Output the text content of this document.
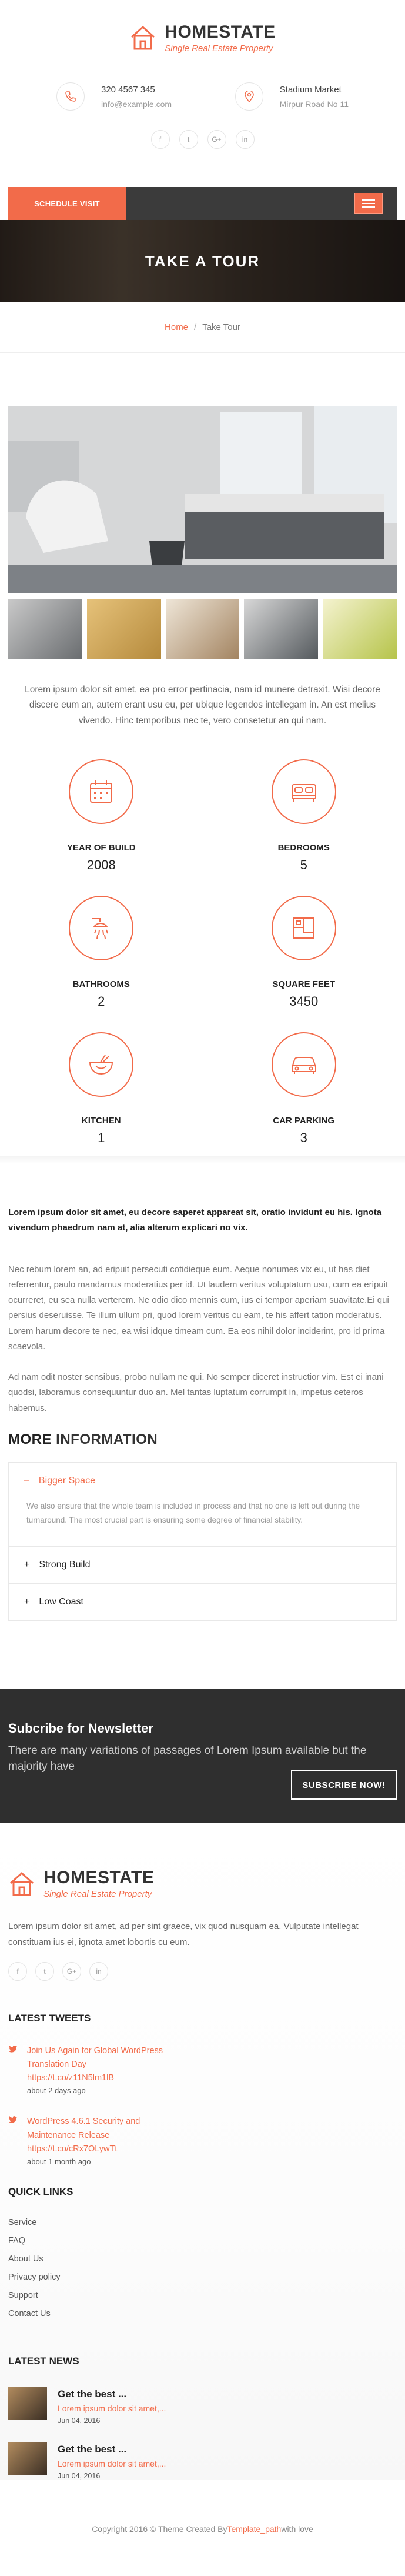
HOMESTATE
Single Real Estate Property
320 4567 345
info@example.com
Stadium Market
Mirpur Road No 11
f	t	G+	in
SCHEDULE VISIT
TAKE A TOUR
Home / Take Tour

Lorem ipsum dolor sit amet, ea pro error pertinacia, nam id munere detraxit. Wisi decore discere eum an, autem erant usu eu, per ubique legendos intellegam in. An est melius vivendo. Hinc temporibus nec te, vero consetetur an qui nam.

YEAR OF BUILD
2008
BEDROOMS
5
BATHROOMS
2
SQUARE FEET
3450
KITCHEN
1
CAR PARKING
3

Lorem ipsum dolor sit amet, eu decore saperet appareat sit, oratio invidunt eu his. Ignota vivendum phaedrum nam at, alia alterum explicari no vix.

Nec rebum lorem an, ad eripuit persecuti cotidieque eum. Aeque nonumes vix eu, ut has diet referrentur, paulo mandamus moderatius per id. Ut laudem veritus voluptatum usu, cum ea eripuit ocurreret, eu sea nulla verterem. Ne odio dico mennis cum, ius ei tempor aperiam suavitate.Ei qui persius deseruisse. Te illum ullum pri, quod lorem veritus cu eam, te his affert tation moderatius. Lorem harum decore te nec, ea wisi idque timeam cum. Ea eos nihil dolor inciderint, pro id prima scaevola.

Ad nam odit noster sensibus, probo nullam ne qui. No semper diceret instructior vim. Est ei inani quodsi, laboramus consequuntur duo an. Mel tantas luptatum corrumpit in, impetus ceteros habemus.

MORE INFORMATION
– Bigger Space
We also ensure that the whole team is included in process and that no one is left out during the turnaround. The most crucial part is ensuring some degree of financial stability.
+ Strong Build
+ Low Coast
Subcribe for Newsletter

There are many variations of passages of Lorem Ipsum available but the majority have

SUBSCRIBE NOW!
HOMESTATE
Single Real Estate Property

Lorem ipsum dolor sit amet, ad per sint graece, vix quod nusquam ea. Vulputate intellegat constituam ius ei, ignota amet lobortis cu eum.

f	t	G+	in
LATEST TWEETS
Join Us Again for Global WordPress Translation Day https://t.co/z11N5lm1lB
about 2 days ago
WordPress 4.6.1 Security and Maintenance Release https://t.co/cRx7OLywTt
about 1 month ago
QUICK LINKS
Service
FAQ
About Us
Privacy policy
Support
Contact Us
LATEST NEWS
Get the best ...
Lorem ipsum dolor sit amet,...
Jun 04, 2016
Get the best ...
Lorem ipsum dolor sit amet,...
Jun 04, 2016
Copyright 2016 © Theme Created By Template_path with love
